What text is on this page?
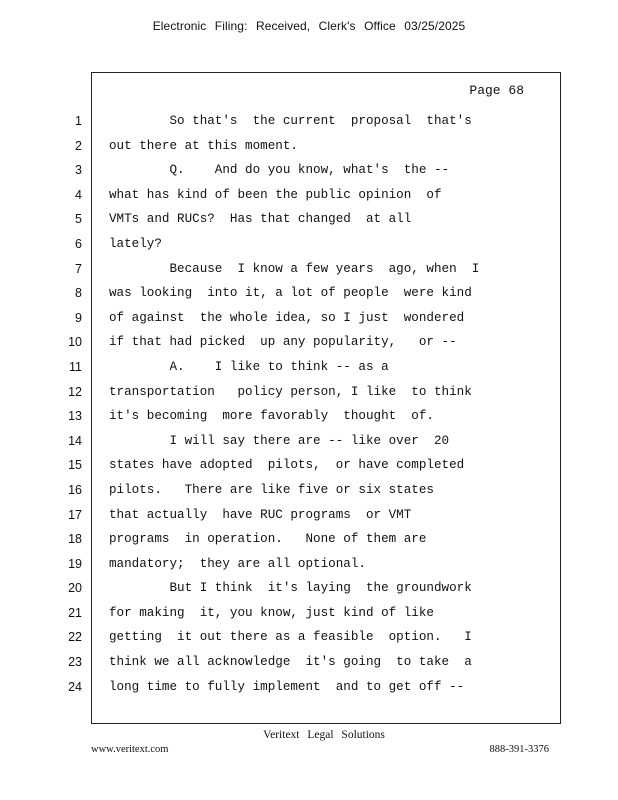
Electronic Filing: Received, Clerk's Office 03/25/2025
Page 68
1
2
3
4
5
6
7
8
9
10
11
12
13
14
15
16
17
18
19
20
21
22
23
24
So that's  the current  proposal  that's
out there at this moment.
Q.    And do you know, what's  the --
what has kind of been the public opinion  of
VMTs and RUCs?  Has that changed  at all
lately?
Because  I know a few years  ago, when  I
was looking  into it, a lot of people  were kind
of against  the whole idea, so I just  wondered
if that had picked  up any popularity,   or --
A.    I like to think -- as a
transportation   policy person, I like  to think
it's becoming  more favorably  thought  of.
I will say there are -- like over  20
states have adopted  pilots,  or have completed
pilots.   There are like five or six states
that actually  have RUC programs  or VMT
programs  in operation.   None of them are
mandatory;  they are all optional.
But I think  it's laying  the groundwork
for making  it, you know, just kind of like
getting  it out there as a feasible  option.   I
think we all acknowledge  it's going  to take  a
long time to fully implement  and to get off --
Veritext Legal Solutions
www.veritext.com	888-391-3376
